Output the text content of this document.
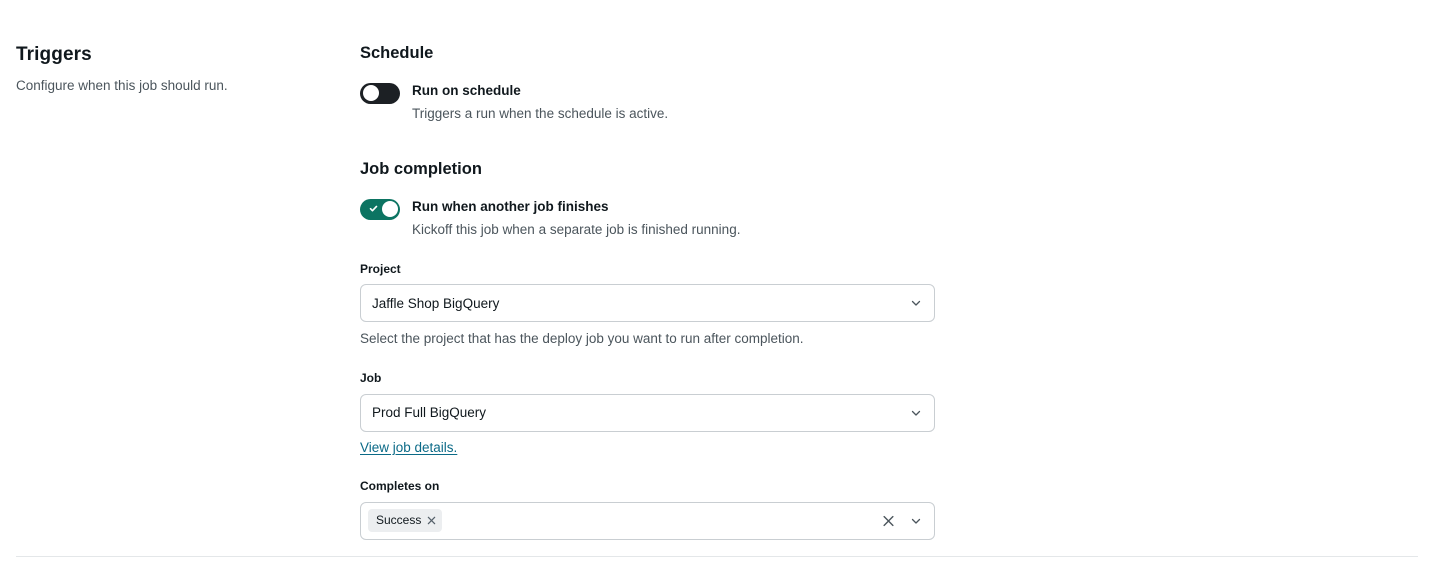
Triggers

Configure when this job should run.

Schedule
Run on schedule
Triggers a run when the schedule is active.
Job completion
Run when another job finishes
Kickoff this job when a separate job is finished running.
Project
Jaffle Shop BigQuery
Select the project that has the deploy job you want to run after completion.
Job
Prod Full BigQuery
View job details.
Completes on
Success
